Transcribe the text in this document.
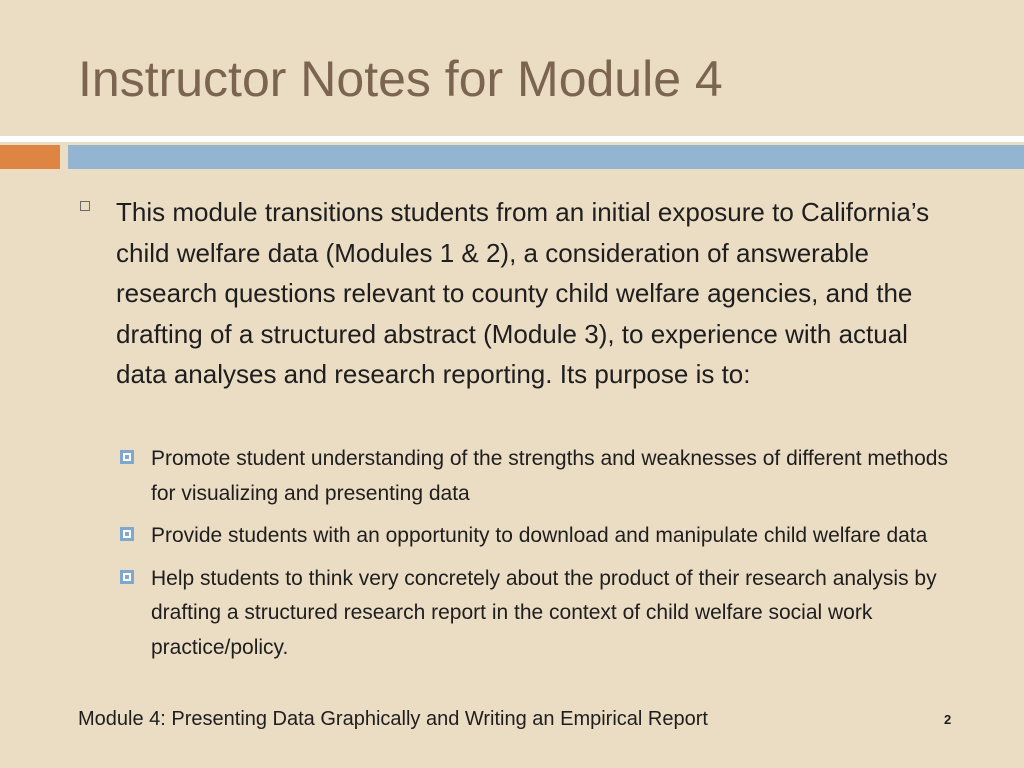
Instructor Notes for Module 4
This module transitions students from an initial exposure to California’s child welfare data (Modules 1 & 2), a consideration of answerable research questions relevant to county child welfare agencies, and the drafting of a structured abstract (Module 3), to experience with actual data analyses and research reporting. Its purpose is to:
Promote student understanding of the strengths and weaknesses of different methods for visualizing and presenting data
Provide students with an opportunity to download and manipulate child welfare data
Help students to think very concretely about the product of their research analysis by drafting a structured research report in the context of child welfare social work practice/policy.
Module 4: Presenting Data Graphically and Writing an Empirical Report	2
